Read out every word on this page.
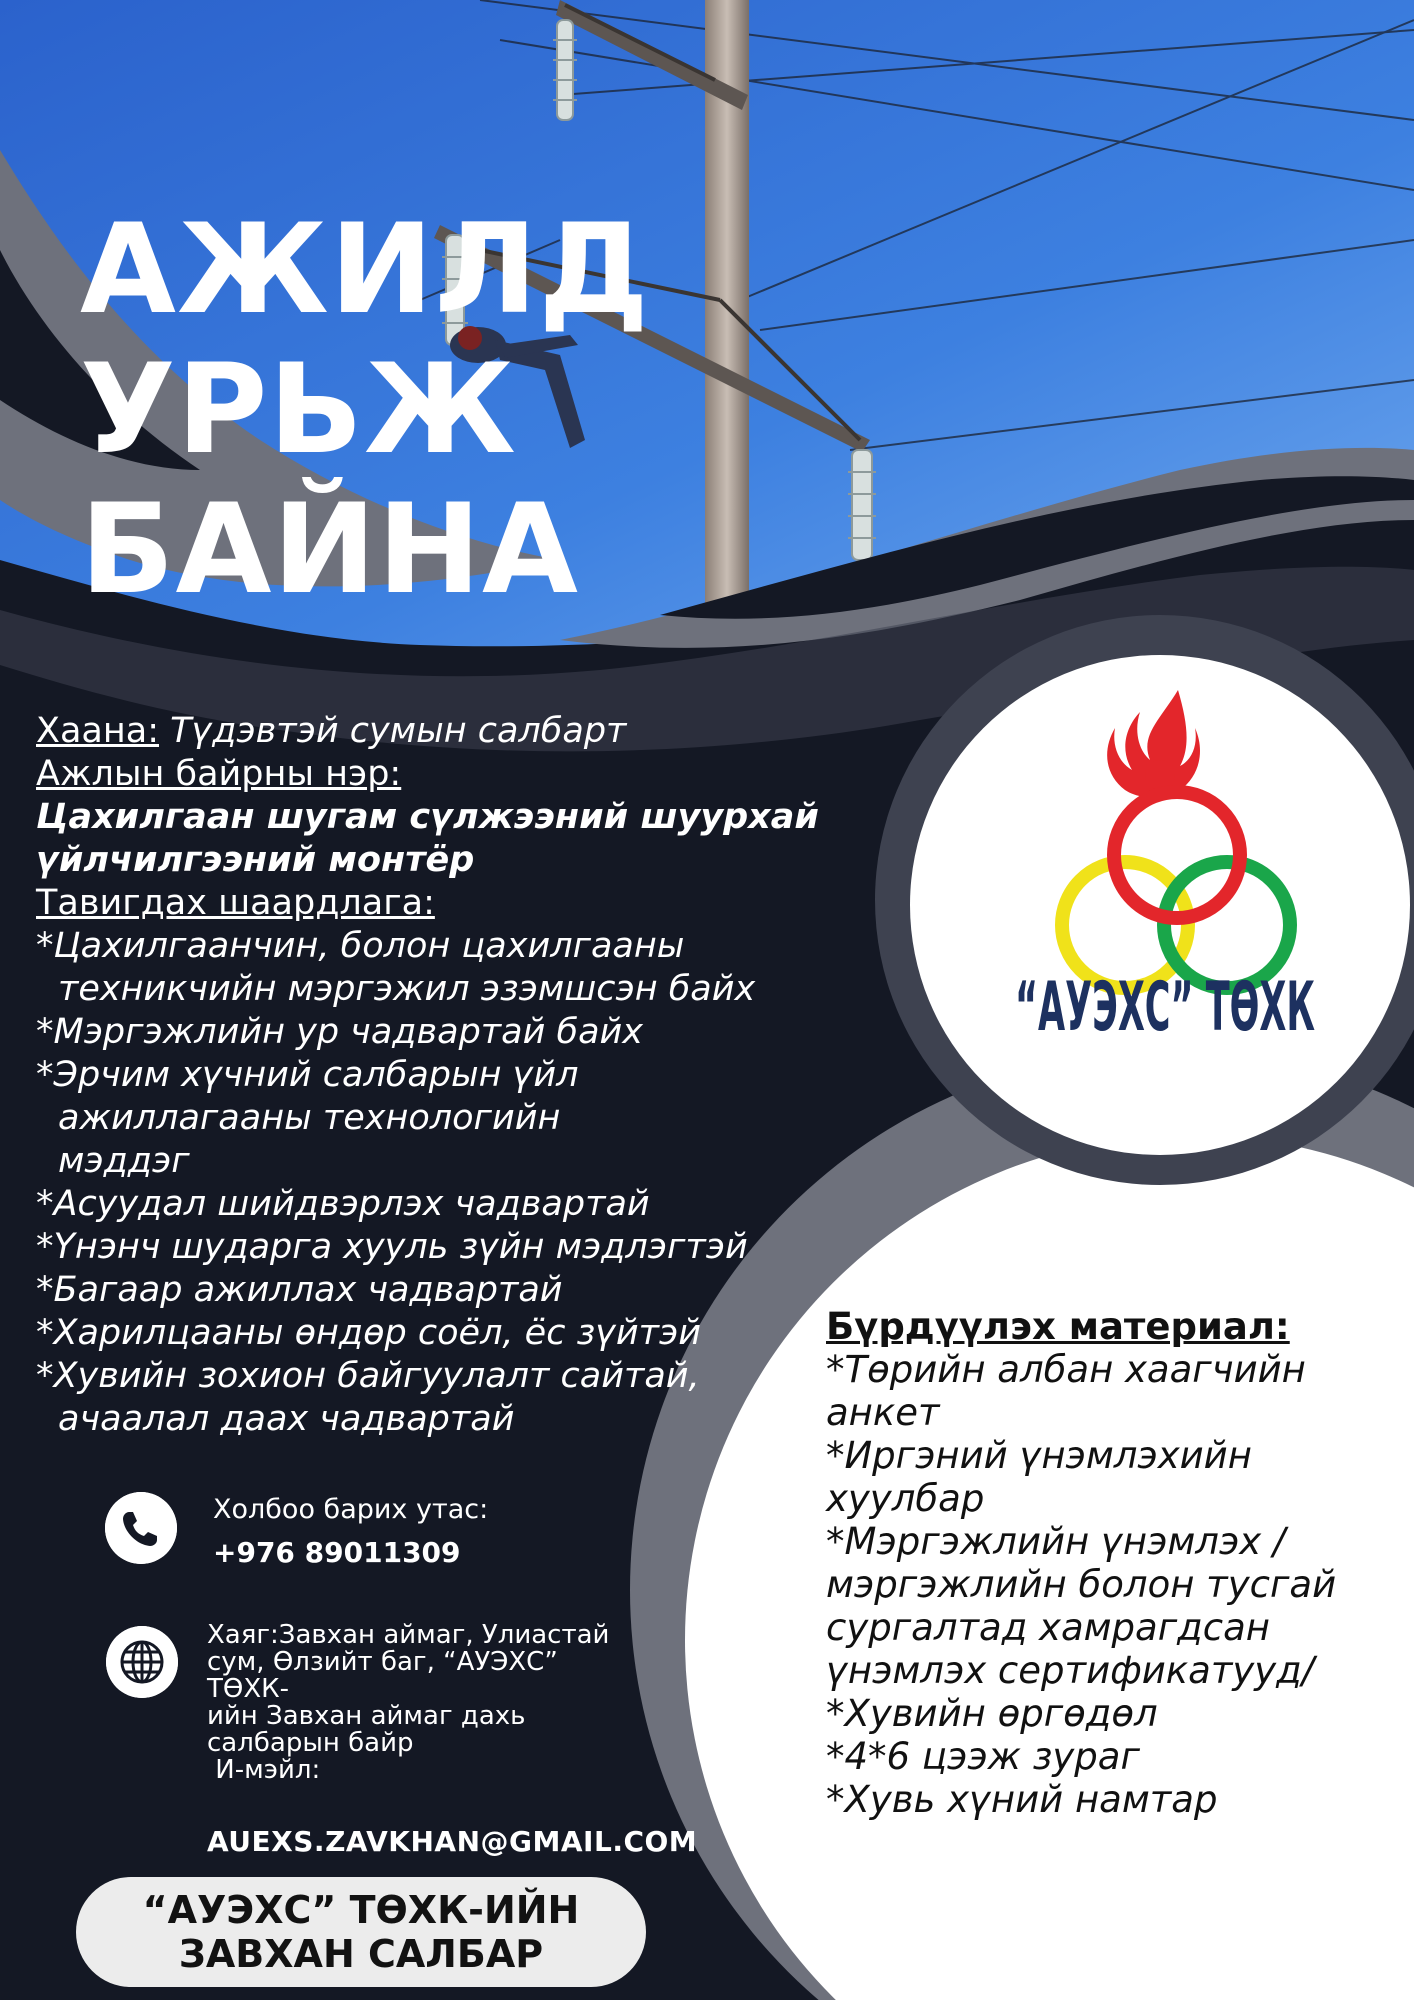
“АУЭХС” ТӨХК
АЖИЛД
УРЬЖ
БАЙНА
Хаана: Түдэвтэй сумын салбарт
Ажлын байрны нэр:
Цахилгаан шугам сүлжээний шуурхай
үйлчилгээний монтёр
Тавигдах шаардлага:
*Цахилгаанчин, болон цахилгааны техникчийн мэргэжил эзэмшсэн байх
*Мэргэжлийн ур чадвартай байх
*Эрчим хүчний салбарын үйл ажиллагааны технологийн мэддэг
*Асуудал шийдвэрлэх чадвартай
*Үнэнч шударга хууль зүйн мэдлэгтэй
*Багаар ажиллах чадвартай
*Харилцааны өндөр соёл, ёс зүйтэй
*Хувийн зохион байгуулалт сайтай, ачаалал даах чадвартай
Холбоо барих утас:
+976 89011309
Хаяг:Завхан аймаг, Улиастай
сум, Өлзийт баг, “АУЭХС” ТӨХК-
ийн Завхан аймаг дахь
салбарын байр
И-мэйл:
AUEXS.ZAVKHAN@GMAIL.COM
“АУЭХС” ТӨХК-ИЙН
ЗАВХАН САЛБАР
Бүрдүүлэх материал:
*Төрийн албан хаагчийн анкет
*Иргэний үнэмлэхийн хуулбар
*Мэргэжлийн үнэмлэх / мэргэжлийн болон тусгай сургалтад хамрагдсан үнэмлэх сертификатууд/
*Хувийн өргөдөл
*4*6 цээж зураг
*Хувь хүний намтар
